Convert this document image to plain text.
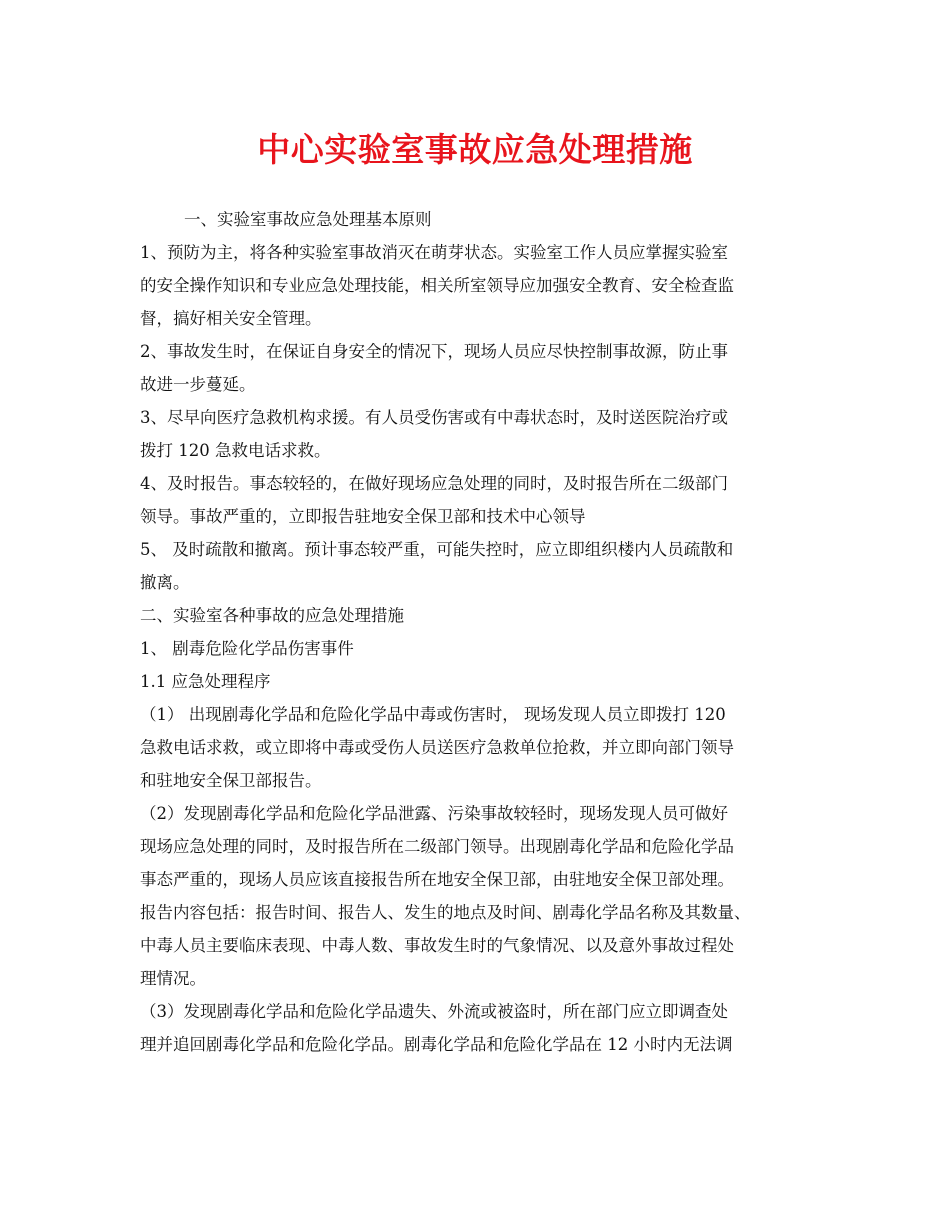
中心实验室事故应急处理措施

一、实验室事故应急处理基本原则

1、预防为主，将各种实验室事故消灭在萌芽状态。实验室工作人员应掌握实验室

的安全操作知识和专业应急处理技能，相关所室领导应加强安全教育、安全检查监

督，搞好相关安全管理。

2、事故发生时，在保证自身安全的情况下，现场人员应尽快控制事故源，防止事

故进一步蔓延。

3、尽早向医疗急救机构求援。有人员受伤害或有中毒状态时，及时送医院治疗或

拨打 120 急救电话求救。

4、及时报告。事态较轻的，在做好现场应急处理的同时，及时报告所在二级部门

领导。事故严重的，立即报告驻地安全保卫部和技术中心领导

5、 及时疏散和撤离。预计事态较严重，可能失控时，应立即组织楼内人员疏散和

撤离。

二、实验室各种事故的应急处理措施

1、 剧毒危险化学品伤害事件

1.1 应急处理程序

（1） 出现剧毒化学品和危险化学品中毒或伤害时， 现场发现人员立即拨打 120

急救电话求救，或立即将中毒或受伤人员送医疗急救单位抢救，并立即向部门领导

和驻地安全保卫部报告。

（2）发现剧毒化学品和危险化学品泄露、污染事故较轻时，现场发现人员可做好

现场应急处理的同时，及时报告所在二级部门领导。出现剧毒化学品和危险化学品

事态严重的，现场人员应该直接报告所在地安全保卫部，由驻地安全保卫部处理。

报告内容包括：报告时间、报告人、发生的地点及时间、剧毒化学品名称及其数量、

中毒人员主要临床表现、中毒人数、事故发生时的气象情况、以及意外事故过程处

理情况。

（3）发现剧毒化学品和危险化学品遗失、外流或被盗时，所在部门应立即调查处

理并追回剧毒化学品和危险化学品。剧毒化学品和危险化学品在 12 小时内无法调
